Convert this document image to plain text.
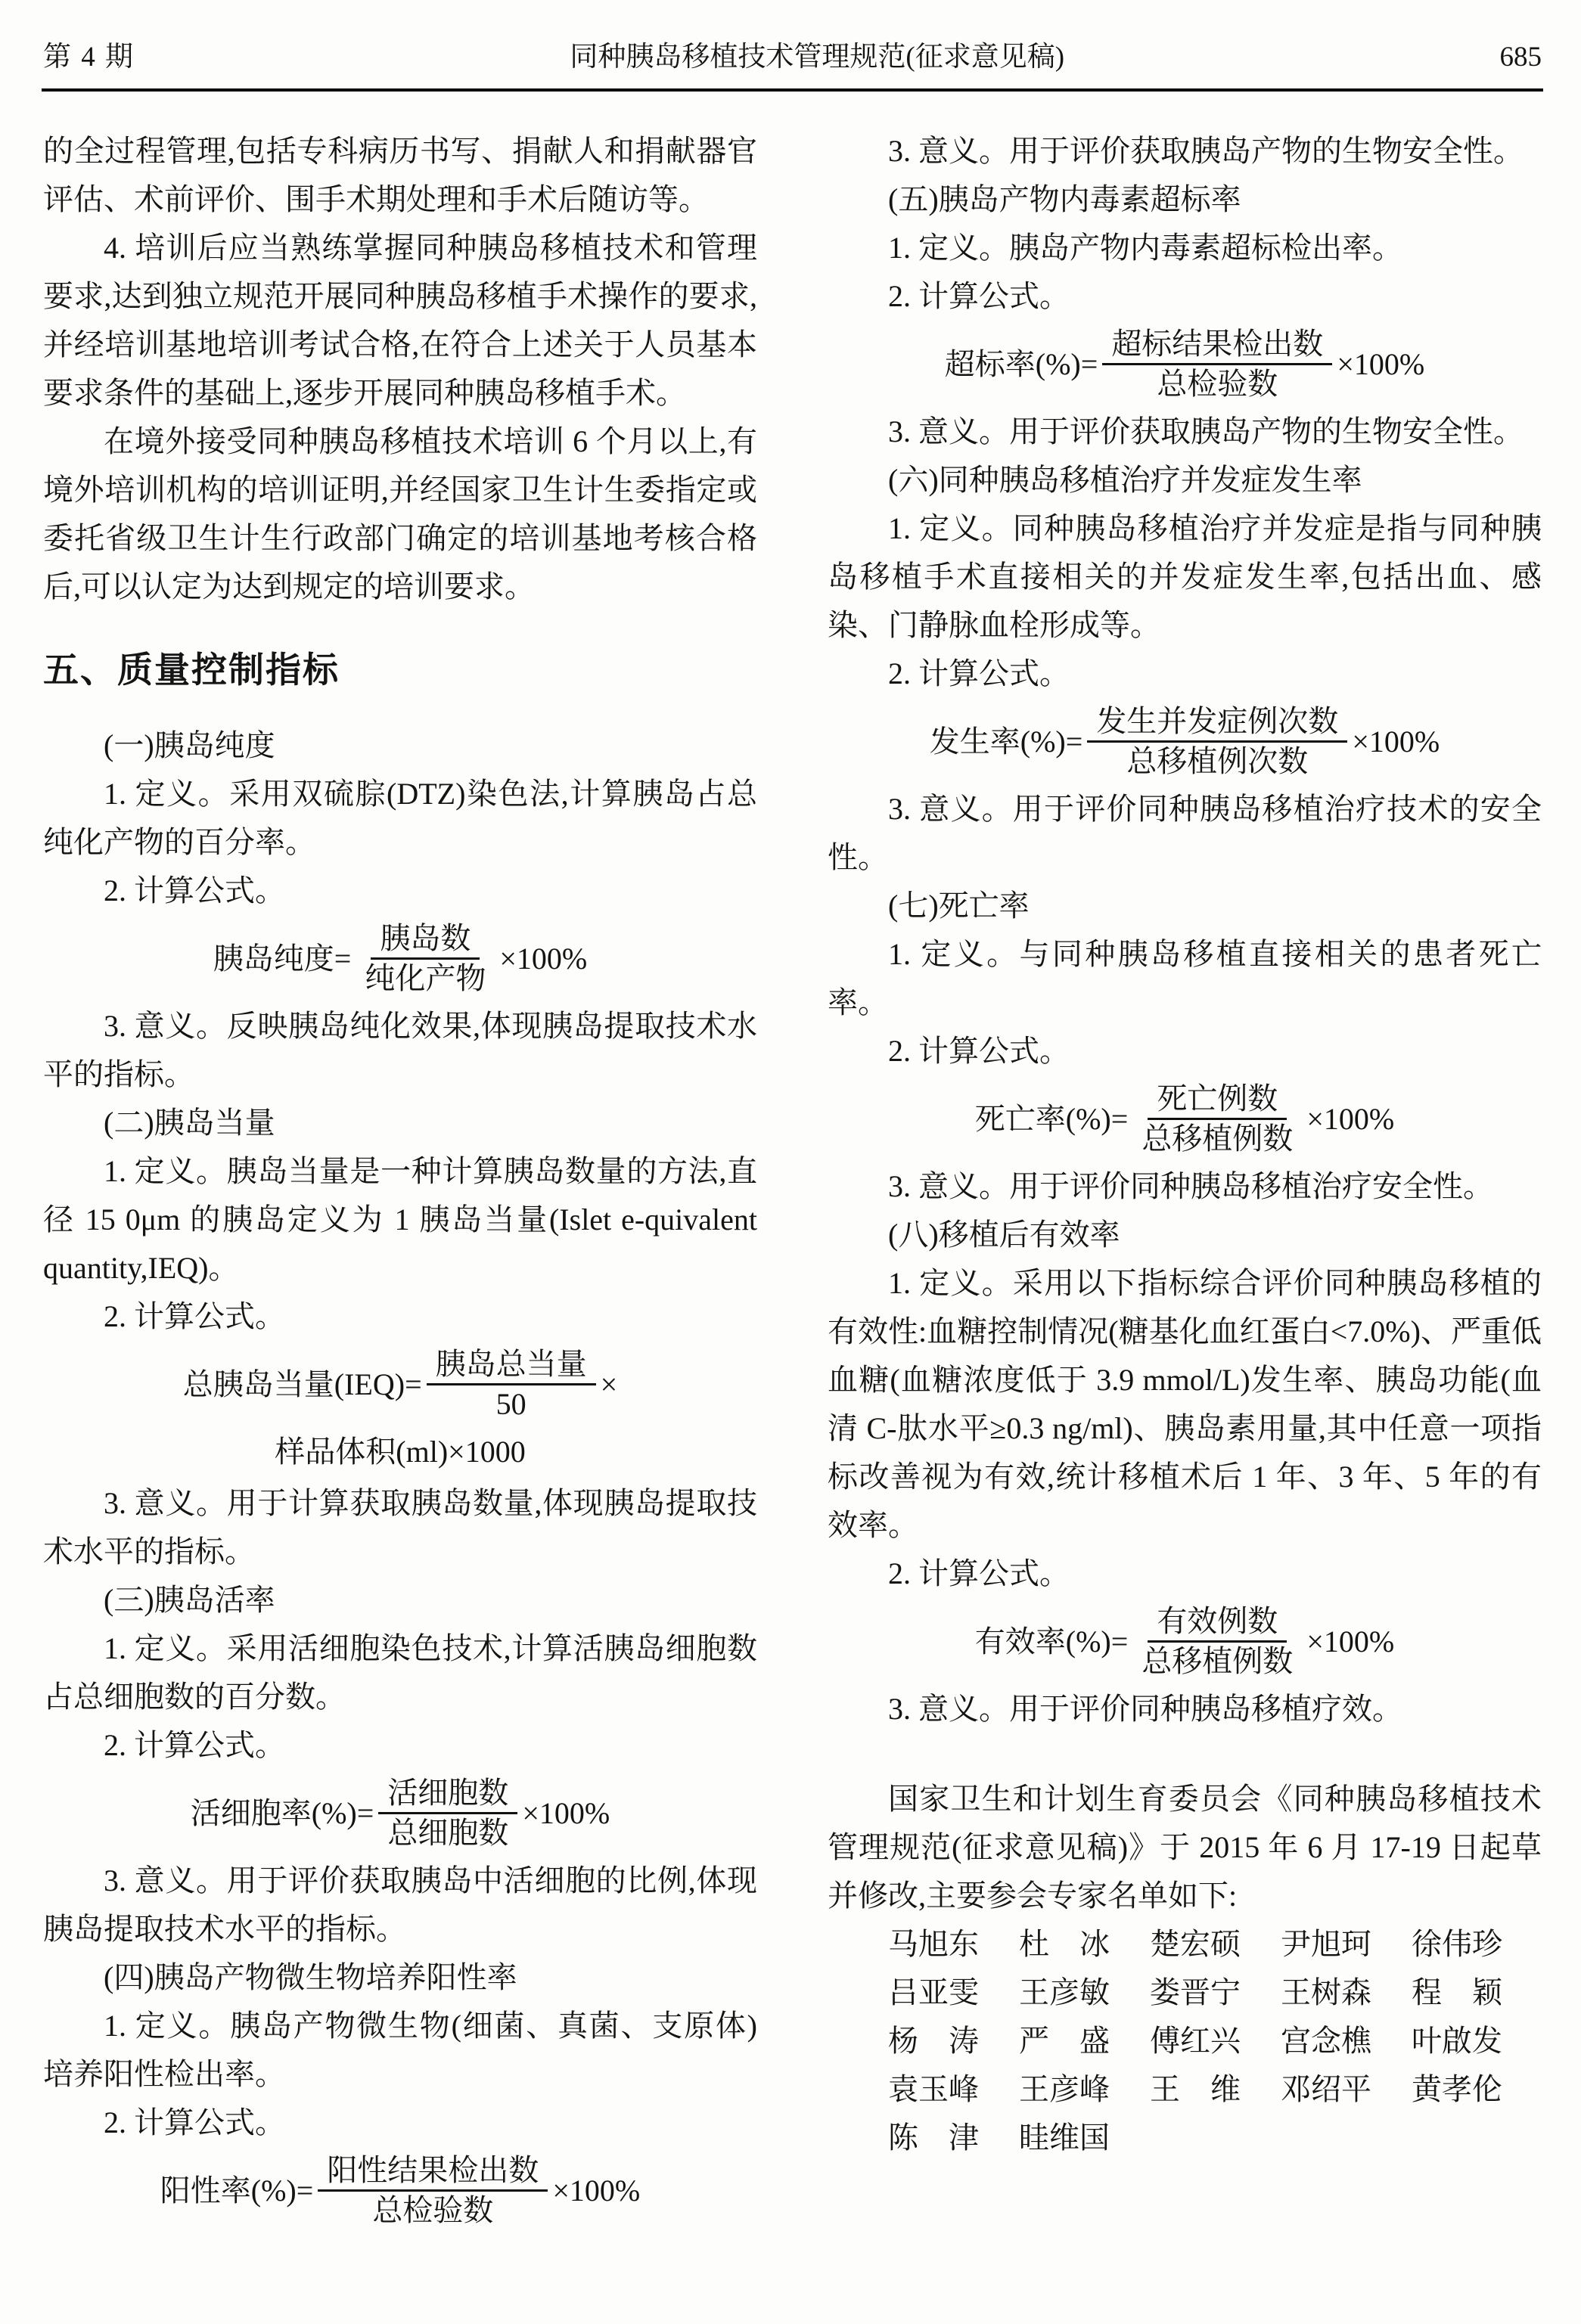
第 4 期	同种胰岛移植技术管理规范(征求意见稿)	685

的全过程管理,包括专科病历书写、捐献人和捐献器官评估、术前评价、围手术期处理和手术后随访等。

4. 培训后应当熟练掌握同种胰岛移植技术和管理要求,达到独立规范开展同种胰岛移植手术操作的要求,并经培训基地培训考试合格,在符合上述关于人员基本要求条件的基础上,逐步开展同种胰岛移植手术。

在境外接受同种胰岛移植技术培训 6 个月以上,有境外培训机构的培训证明,并经国家卫生计生委指定或委托省级卫生计生行政部门确定的培训基地考核合格后,可以认定为达到规定的培训要求。

五、质量控制指标

(一)胰岛纯度

1. 定义。采用双硫腙(DTZ)染色法,计算胰岛占总纯化产物的百分率。

2. 计算公式。

胰岛纯度= $\frac{\text{胰岛数}}{\text{纯化产物}} \times 100\%$

3. 意义。反映胰岛纯化效果,体现胰岛提取技术水平的指标。

(二)胰岛当量

1. 定义。胰岛当量是一种计算胰岛数量的方法,直径 15 0μm 的胰岛定义为 1 胰岛当量(Islet e-quivalent quantity,IEQ)。

2. 计算公式。

总胰岛当量$(IEQ)= \frac{\text{胰岛总当量}}{50}$ ×
样品体积(ml)×1000

3. 意义。用于计算获取胰岛数量,体现胰岛提取技术水平的指标。

(三)胰岛活率

1. 定义。采用活细胞染色技术,计算活胰岛细胞数占总细胞数的百分数。

2. 计算公式。

活细胞率(%)= $\frac{\text{活细胞数}}{\text{总细胞数}} \times 100\%$

3. 意义。用于评价获取胰岛中活细胞的比例,体现胰岛提取技术水平的指标。

(四)胰岛产物微生物培养阳性率

1. 定义。胰岛产物微生物(细菌、真菌、支原体)培养阳性检出率。

2. 计算公式。

阳性率(%)= $\frac{\text{阳性结果检出数}}{\text{总检验数}} \times 100\%$

3. 意义。用于评价获取胰岛产物的生物安全性。

(五)胰岛产物内毒素超标率

1. 定义。胰岛产物内毒素超标检出率。

2. 计算公式。

超标率(%)= $\frac{\text{超标结果检出数}}{\text{总检验数}} \times 100\%$

3. 意义。用于评价获取胰岛产物的生物安全性。

(六)同种胰岛移植治疗并发症发生率

1. 定义。同种胰岛移植治疗并发症是指与同种胰岛移植手术直接相关的并发症发生率,包括出血、感染、门静脉血栓形成等。

2. 计算公式。

发生率(%)= $\frac{\text{发生并发症例次数}}{\text{总移植例次数}} \times 100\%$

3. 意义。用于评价同种胰岛移植治疗技术的安全性。

(七)死亡率

1. 定义。与同种胰岛移植直接相关的患者死亡率。

2. 计算公式。

死亡率(%)= $\frac{\text{死亡例数}}{\text{总移植例数}} \times 100\%$

3. 意义。用于评价同种胰岛移植治疗安全性。

(八)移植后有效率

1. 定义。采用以下指标综合评价同种胰岛移植的有效性:血糖控制情况(糖基化血红蛋白<7.0%)、严重低血糖(血糖浓度低于 3.9 mmol/L)发生率、胰岛功能(血清 C-肽水平≥0.3 ng/ml)、胰岛素用量,其中任意一项指标改善视为有效,统计移植术后 1 年、3 年、5 年的有效率。

2. 计算公式。

有效率(%)= $\frac{\text{有效例数}}{\text{总移植例数}} \times 100\%$

3. 意义。用于评价同种胰岛移植疗效。

国家卫生和计划生育委员会《同种胰岛移植技术管理规范(征求意见稿)》于 2015 年 6 月 17-19 日起草并修改,主要参会专家名单如下:

马旭东	杜　冰	楚宏硕	尹旭珂	徐伟珍
吕亚雯	王彦敏	娄晋宁	王树森	程　颖
杨　涛	严　盛	傅红兴	宫念樵	叶啟发
袁玉峰	王彦峰	王　维	邓绍平	黄孝伦
陈　津	眭维国
